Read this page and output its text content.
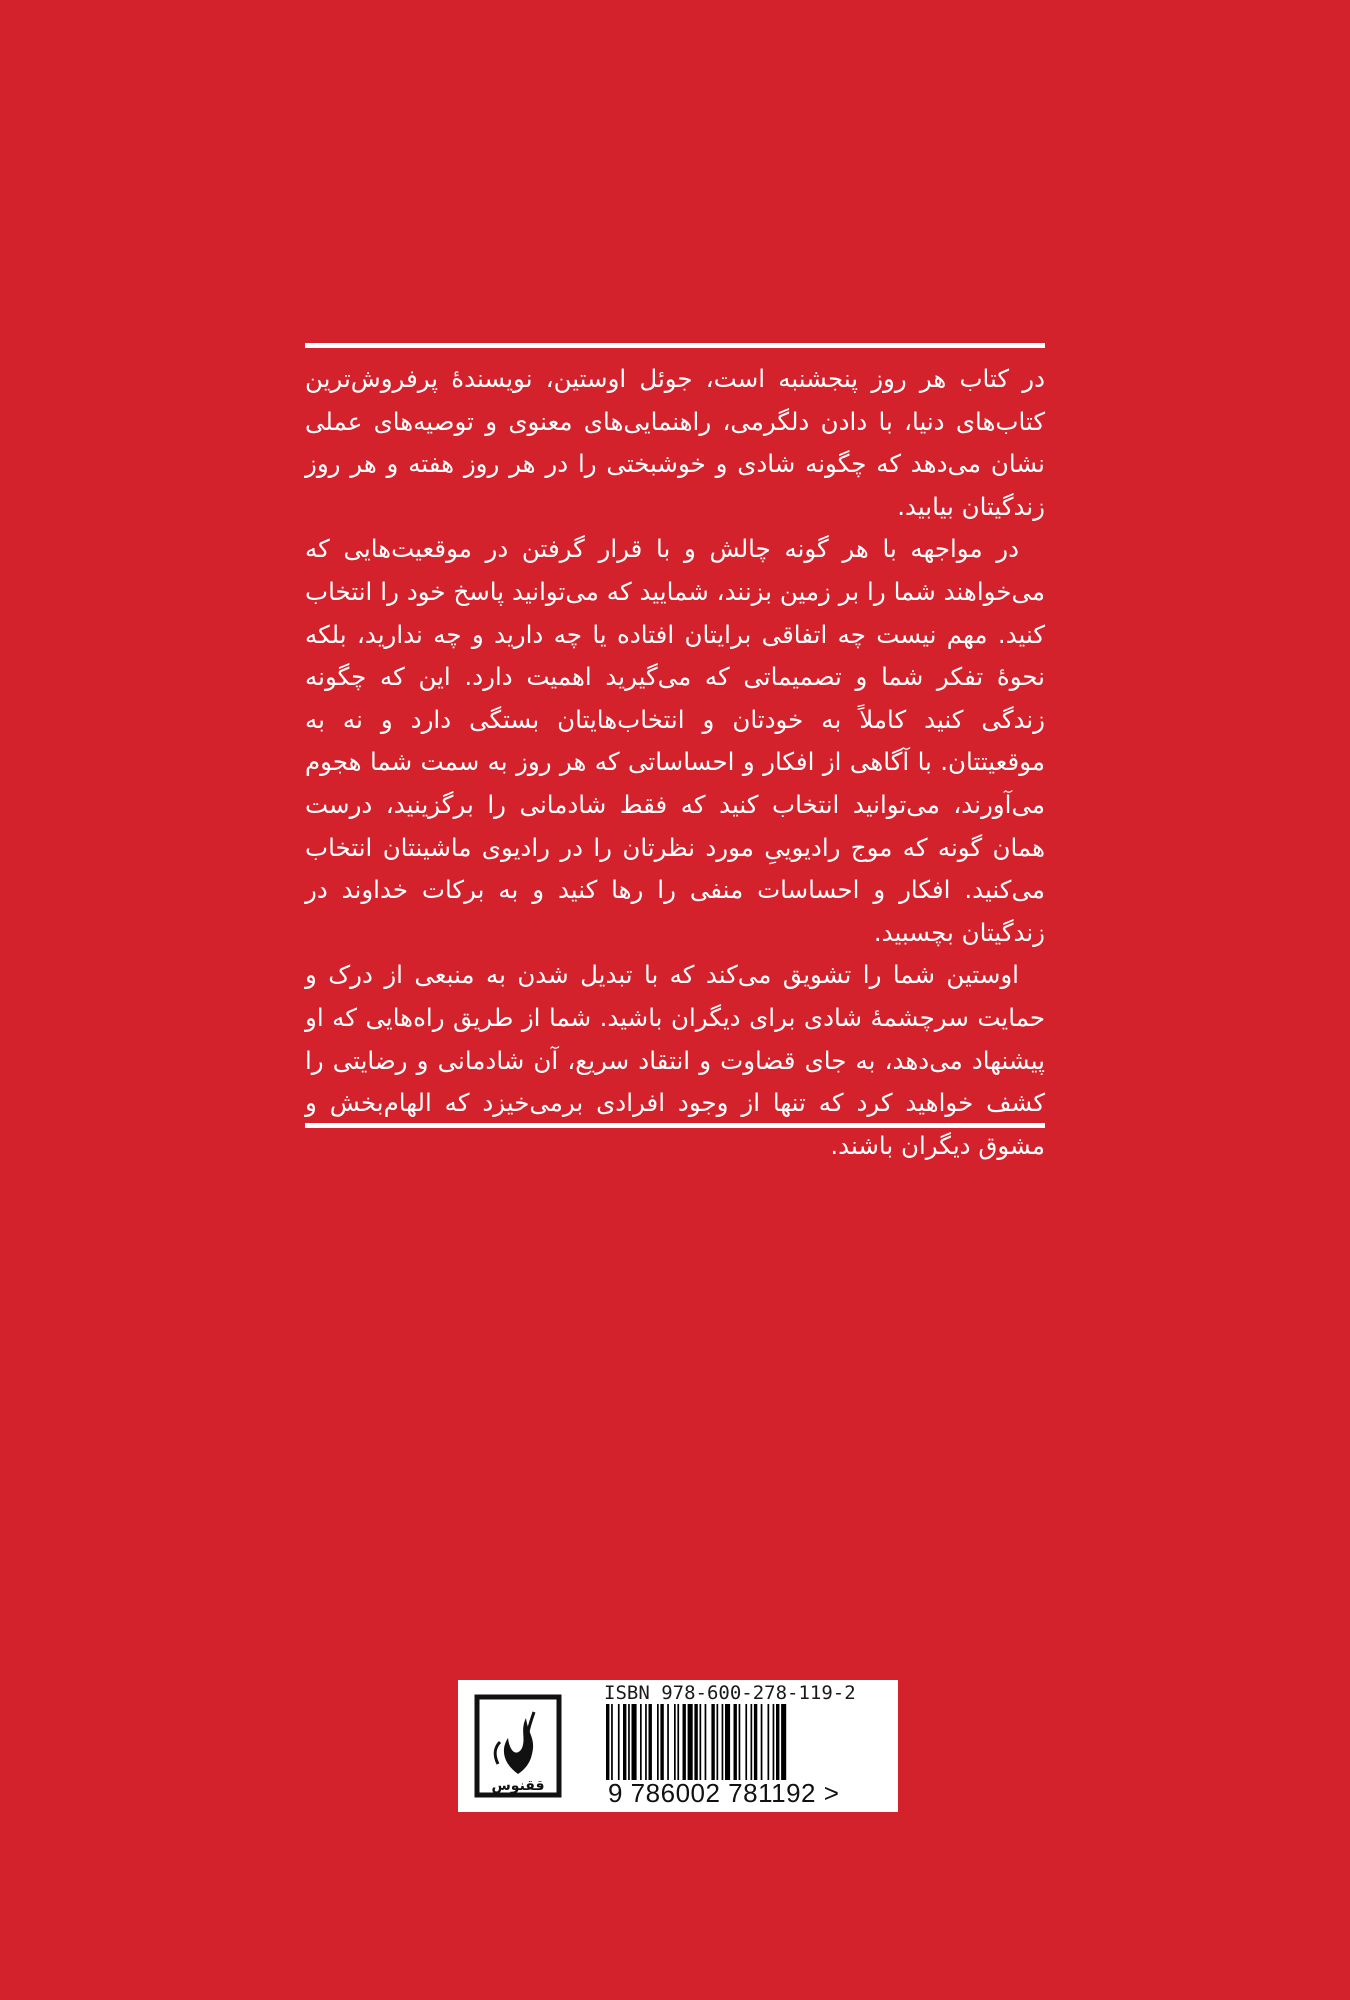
در کتاب هر روز پنجشنبه است، جوئل اوستین، نویسندهٔ پرفروش‌ترین کتاب‌های دنیا، با دادن دلگرمی، راهنمایی‌های معنوی و توصیه‌های عملی نشان می‌دهد که چگونه شادی و خوشبختی را در هر روز هفته و هر روز زندگیتان بیابید.

در مواجهه با هر گونه چالش و با قرار گرفتن در موقعیت‌هایی که می‌خواهند شما را بر زمین بزنند، شمایید که می‌توانید پاسخ خود را انتخاب کنید. مهم نیست چه اتفاقی برایتان افتاده یا چه دارید و چه ندارید، بلکه نحوهٔ تفکر شما و تصمیماتی که می‌گیرید اهمیت دارد. این که چگونه زندگی کنید کاملاً به خودتان و انتخاب‌هایتان بستگی دارد و نه به موقعیتتان. با آگاهی از افکار و احساساتی که هر روز به سمت شما هجوم می‌آورند، می‌توانید انتخاب کنید که فقط شادمانی را برگزینید، درست همان گونه که موج رادیوییِ مورد نظرتان را در رادیوی ماشینتان انتخاب می‌کنید. افکار و احساسات منفی را رها کنید و به برکات خداوند در زندگیتان بچسبید.

اوستین شما را تشویق می‌کند که با تبدیل شدن به منبعی از درک و حمایت سرچشمهٔ شادی برای دیگران باشید. شما از طریق راه‌هایی که او پیشنهاد می‌دهد، به جای قضاوت و انتقاد سریع، آن شادمانی و رضایتی را کشف خواهید کرد که تنها از وجود افرادی برمی‌خیزد که الهام‌بخش و مشوق دیگران باشند.

ققنوس
ISBN 978-600-278-119-2
9 786002 781192 >
